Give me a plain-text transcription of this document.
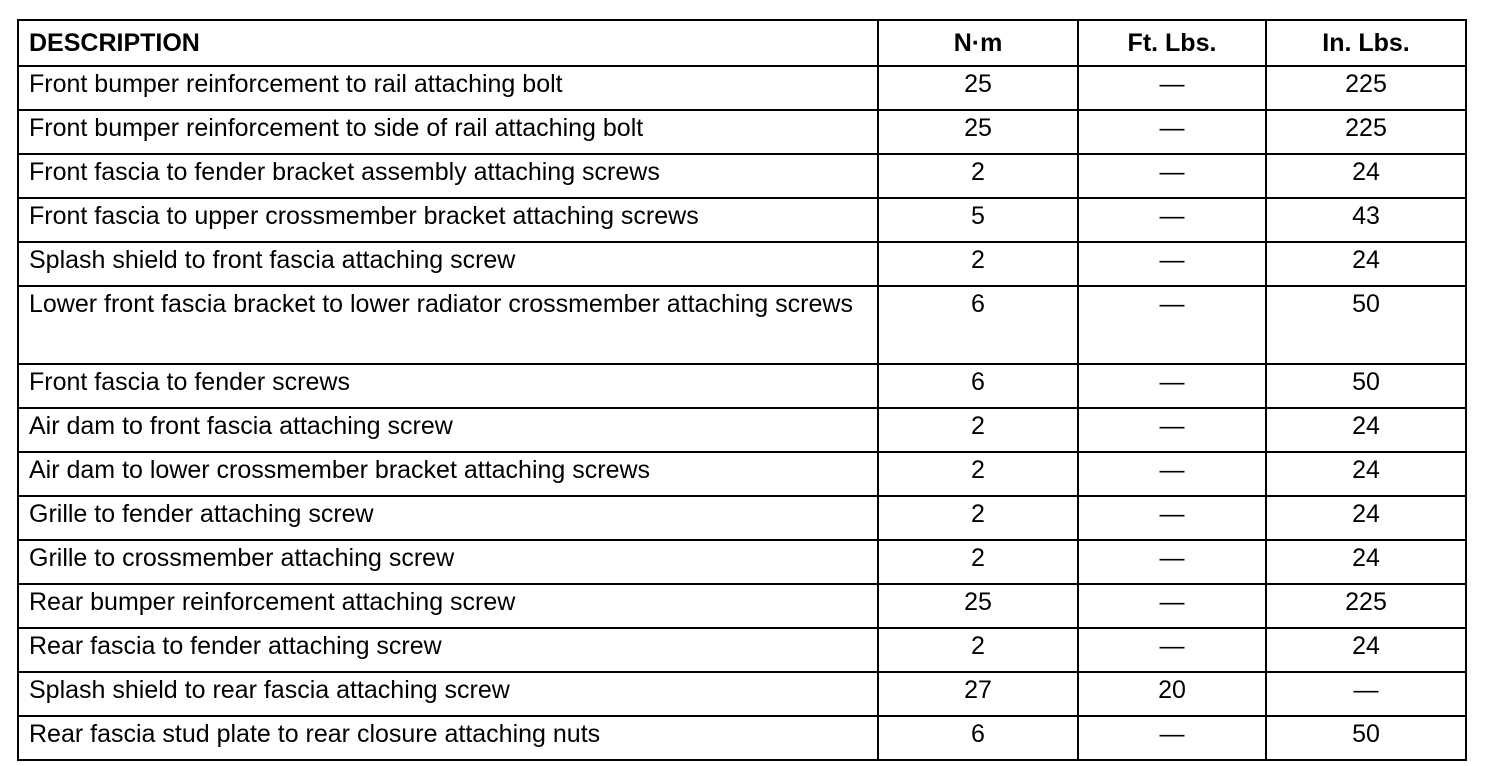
DESCRIPTION	N·m	Ft. Lbs.	In. Lbs.
Front bumper reinforcement to rail attaching bolt	25	—	225
Front bumper reinforcement to side of rail attaching bolt	25	—	225
Front fascia to fender bracket assembly attaching screws	2	—	24
Front fascia to upper crossmember bracket attaching screws	5	—	43
Splash shield to front fascia attaching screw	2	—	24
Lower front fascia bracket to lower radiator crossmember attaching screws	6	—	50
Front fascia to fender screws	6	—	50
Air dam to front fascia attaching screw	2	—	24
Air dam to lower crossmember bracket attaching screws	2	—	24
Grille to fender attaching screw	2	—	24
Grille to crossmember attaching screw	2	—	24
Rear bumper reinforcement attaching screw	25	—	225
Rear fascia to fender attaching screw	2	—	24
Splash shield to rear fascia attaching screw	27	20	—
Rear fascia stud plate to rear closure attaching nuts	6	—	50
